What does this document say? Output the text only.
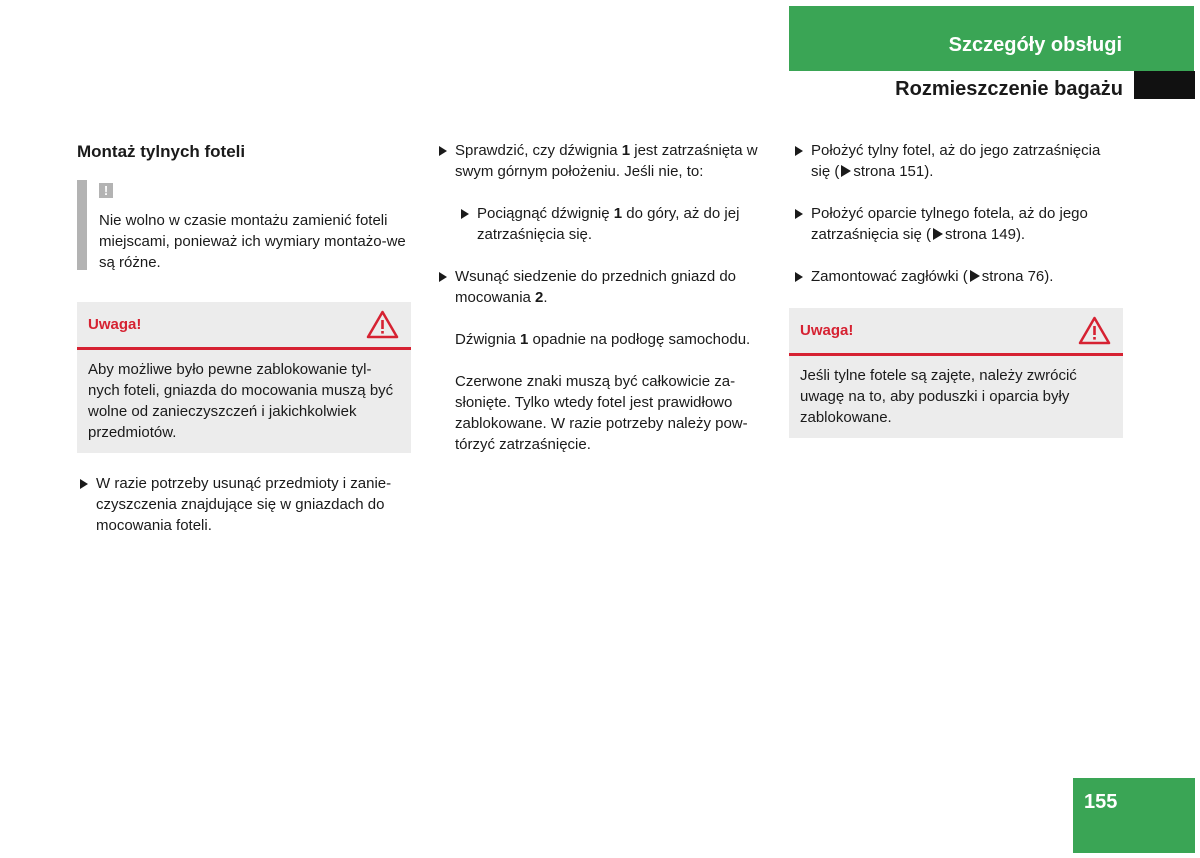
Szczegóły obsługi
Rozmieszczenie bagażu
Montaż tylnych foteli
!

Nie wolno w czasie montażu zamienić foteli miejscami, ponieważ ich wymiary montażo-we są różne.

Uwaga!
Aby możliwe było pewne zablokowanie tyl-nych foteli, gniazda do mocowania muszą być wolne od zanieczyszczeń i jakichkolwiek przedmiotów.
W razie potrzeby usunąć przedmioty i zanie-czyszczenia znajdujące się w gniazdach do mocowania foteli.
Sprawdzić, czy dźwignia 1 jest zatrzaśnięta w swym górnym położeniu. Jeśli nie, to:
Pociągnąć dźwignię 1 do góry, aż do jej zatrzaśnięcia się.
Wsunąć siedzenie do przednich gniazd do mocowania 2.

Dźwignia 1 opadnie na podłogę samochodu.

Czerwone znaki muszą być całkowicie za-słonięte. Tylko wtedy fotel jest prawidłowo zablokowane. W razie potrzeby należy pow-tórzyć zatrzaśnięcie.

Położyć tylny fotel, aż do jego zatrzaśnięcia się ( strona 151).
Położyć oparcie tylnego fotela, aż do jego zatrzaśnięcia się ( strona 149).
Zamontować zagłówki ( strona 76).
Uwaga!
Jeśli tylne fotele są zajęte, należy zwrócić uwagę na to, aby poduszki i oparcia były zablokowane.
155
